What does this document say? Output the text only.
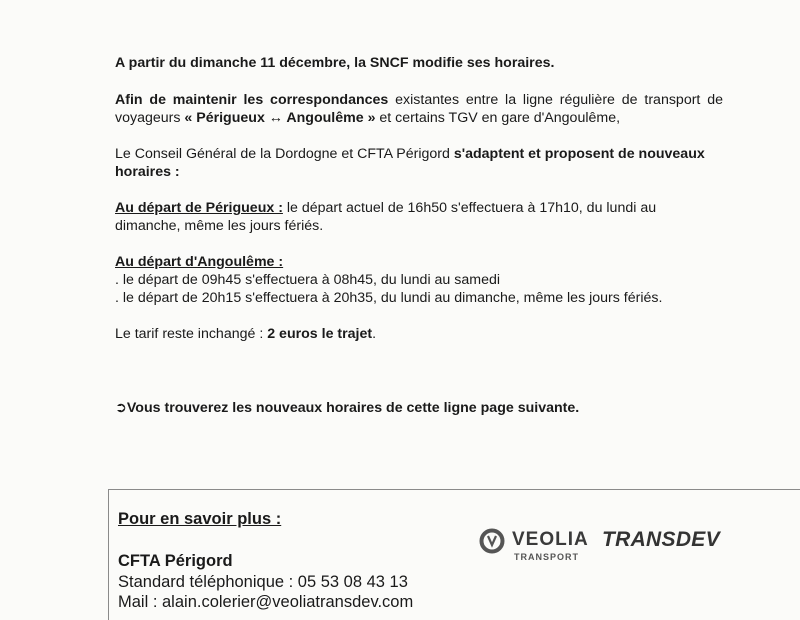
A partir du dimanche 11 décembre, la SNCF modifie ses horaires.
Afin de maintenir les correspondances existantes entre la ligne régulière de transport de voyageurs « Périgueux ↔ Angoulême » et certains TGV en gare d'Angoulême,
Le Conseil Général de la Dordogne et CFTA Périgord s'adaptent et proposent de nouveaux horaires :
Au départ de Périgueux : le départ actuel de 16h50 s'effectuera à 17h10, du lundi au dimanche, même les jours fériés.
Au départ d'Angoulême :
. le départ de 09h45 s'effectuera à 08h45, du lundi au samedi
. le départ de 20h15 s'effectuera à 20h35, du lundi au dimanche, même les jours fériés.
Le tarif reste inchangé : 2 euros le trajet.
➲Vous trouverez les nouveaux horaires de cette ligne page suivante.
Pour en savoir plus :
CFTA Périgord
Standard téléphonique : 05 53 08 43 13
Mail : alain.colerier@veoliatransdev.com
VEOLIA
TRANSPORT
TRANSDEV
